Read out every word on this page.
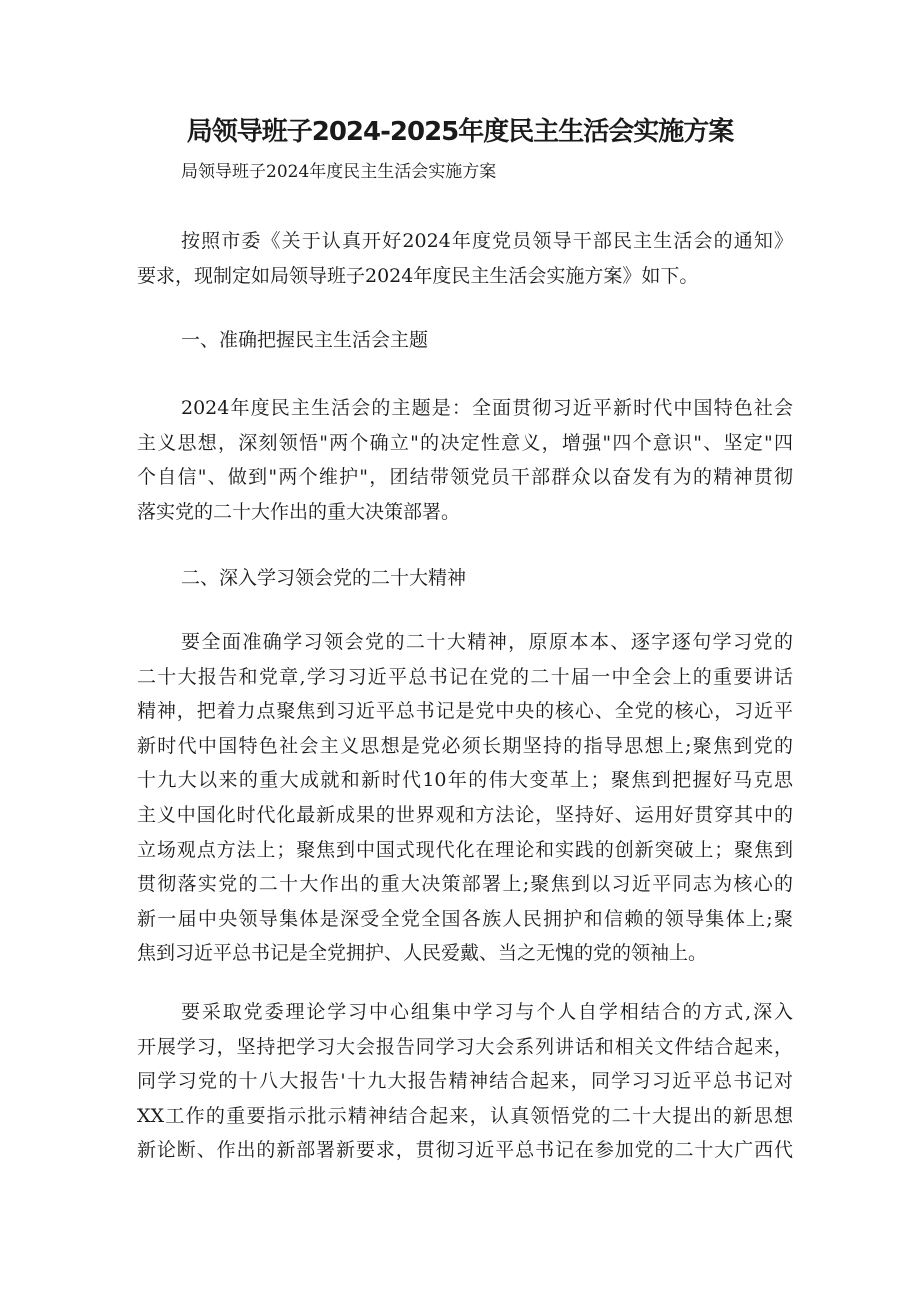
局领导班子2024-2025年度民主生活会实施方案

局领导班子2024年度民主生活会实施方案

按照市委《关于认真开好2024年度党员领导干部民主生活会的通知》
要求，现制定如局领导班子2024年度民主生活会实施方案》如下。

一、准确把握民主生活会主题

2024年度民主生活会的主题是：全面贯彻习近平新时代中国特色社会
主义思想，深刻领悟"两个确立"的决定性意义，增强"四个意识"、坚定"四
个自信"、做到"两个维护"，团结带领党员干部群众以奋发有为的精神贯彻
落实党的二十大作出的重大决策部署。

二、深入学习领会党的二十大精神

要全面准确学习领会党的二十大精神，原原本本、逐字逐句学习党的
二十大报告和党章,学习习近平总书记在党的二十届一中全会上的重要讲话
精神，把着力点聚焦到习近平总书记是党中央的核心、全党的核心，习近平
新时代中国特色社会主义思想是党必须长期坚持的指导思想上;聚焦到党的
十九大以来的重大成就和新时代10年的伟大变革上；聚焦到把握好马克思
主义中国化时代化最新成果的世界观和方法论，坚持好、运用好贯穿其中的
立场观点方法上；聚焦到中国式现代化在理论和实践的创新突破上；聚焦到
贯彻落实党的二十大作出的重大决策部署上;聚焦到以习近平同志为核心的
新一届中央领导集体是深受全党全国各族人民拥护和信赖的领导集体上;聚
焦到习近平总书记是全党拥护、人民爱戴、当之无愧的党的领袖上。

要采取党委理论学习中心组集中学习与个人自学相结合的方式,深入
开展学习，坚持把学习大会报告同学习大会系列讲话和相关文件结合起来，
同学习党的十八大报告'十九大报告精神结合起来，同学习习近平总书记对
XX工作的重要指示批示精神结合起来，认真领悟党的二十大提出的新思想
新论断、作出的新部署新要求，贯彻习近平总书记在参加党的二十大广西代
